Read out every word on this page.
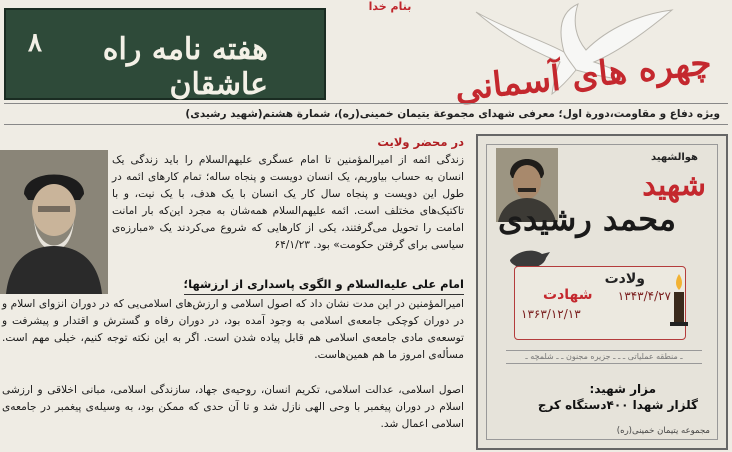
هفته نامه راه عاشقان
۸
بنام خدا
چهره های آسمانی
ویژه دفاع و مقاومت،دورة اول؛ معرفی شهدای مجموعة یتیمان خمینی(ره)، شمارة هشتم(شهید رشیدی)
در محضر ولایت
زندگی ائمه از امیرالمؤمنین تا امام عسگری علیهم‌السلام را باید زندگی یک انسان به حساب بیاوریم، یک انسان دویست و پنجاه ساله؛ تمام کارهای ائمه در طول این دویست و پنجاه سال کار یک انسان با یک هدف، با یک نیت، و با تاکتیک‌های مختلف است. ائمه علیهم‌السلام همه‌شان به مجرد این‌که بار امانت امامت را تحویل می‌گرفتند، یکی از کارهایی که شروع می‌کردند یک «مبارزه‌ی سیاسی برای گرفتن حکومت» بود. ۶۴/۱/۲۳
امام علی علیه‌السلام و الگوی پاسداری از ارزشها؛
امیرالمؤمنین در این مدت نشان داد که اصول اسلامی و ارزش‌های اسلامی‌یی که در دوران انزوای اسلام و در دوران کوچکی جامعه‌ی اسلامی به وجود آمده بود، در دوران رفاه و گسترش و اقتدار و پیشرفت و توسعه‌ی مادی جامعه‌ی اسلامی هم قابل پیاده شدن است. اگر به این نکته توجه کنیم، خیلی مهم است. مسأله‌ی امروز ما هم همین‌هاست.
اصول اسلامی، عدالت اسلامی، تکریم انسان، روحیه‌ی جهاد، سازندگی اسلامی، مبانی اخلاقی و ارزشی اسلام در دوران پیغمبر با وحی الهی نازل شد و تا آن حدی که ممکن بود، به وسیله‌ی پیغمبر در جامعه‌ی اسلامی اعمال شد.
هوالشهید
شهید
محمد رشیدی
ولادت
۱۳۴۳/۴/۲۷
شهادت
۱۳۶۳/۱۲/۱۳
ـ منطقه عملیاتی ـ ـ ـ جزیره مجنون ـ ـ شلمچه ـ
مزار شهید:
گلزار شهدا ۴۰۰دستگاه کرج
مجموعه یتیمان خمینی(ره)
